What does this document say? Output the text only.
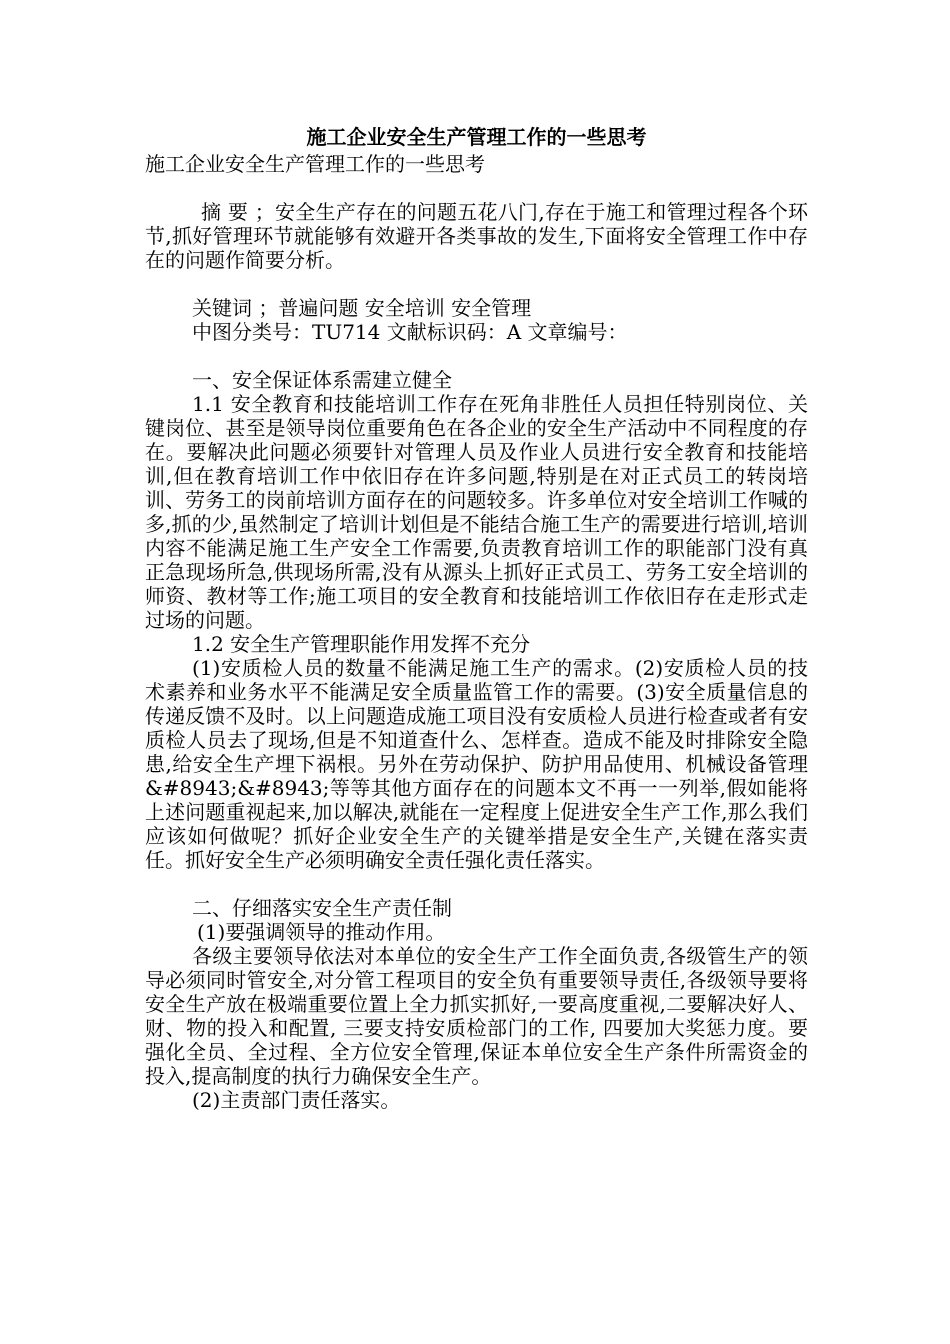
施工企业安全生产管理工作的一些思考

施工企业安全生产管理工作的一些思考

摘 要 ；安全生产存在的问题五花八门,存在于施工和管理过程各个环节,抓好管理环节就能够有效避开各类事故的发生,下面将安全管理工作中存在的问题作简要分析。

关键词 ；普遍问题 安全培训 安全管理

中图分类号：TU714 文献标识码：A 文章编号：

一、安全保证体系需建立健全

1.1 安全教育和技能培训工作存在死角非胜任人员担任特别岗位、关键岗位、甚至是领导岗位重要角色在各企业的安全生产活动中不同程度的存在。要解决此问题必须要针对管理人员及作业人员进行安全教育和技能培训,但在教育培训工作中依旧存在许多问题,特别是在对正式员工的转岗培训、劳务工的岗前培训方面存在的问题较多。许多单位对安全培训工作喊的多,抓的少,虽然制定了培训计划但是不能结合施工生产的需要进行培训,培训内容不能满足施工生产安全工作需要,负责教育培训工作的职能部门没有真正急现场所急,供现场所需,没有从源头上抓好正式员工、劳务工安全培训的师资、教材等工作;施工项目的安全教育和技能培训工作依旧存在走形式走过场的问题。

1.2 安全生产管理职能作用发挥不充分

(1)安质检人员的数量不能满足施工生产的需求。(2)安质检人员的技术素养和业务水平不能满足安全质量监管工作的需要。(3)安全质量信息的传递反馈不及时。以上问题造成施工项目没有安质检人员进行检查或者有安质检人员去了现场,但是不知道查什么、怎样查。造成不能及时排除安全隐患,给安全生产埋下祸根。另外在劳动保护、防护用品使用、机械设备管理&#8943;&#8943;等等其他方面存在的问题本文不再一一列举,假如能将上述问题重视起来,加以解决,就能在一定程度上促进安全生产工作,那么我们应该如何做呢？抓好企业安全生产的关键举措是安全生产,关键在落实责任。抓好安全生产必须明确安全责任强化责任落实。

二、仔细落实安全生产责任制

(1)要强调领导的推动作用。

各级主要领导依法对本单位的安全生产工作全面负责,各级管生产的领导必须同时管安全,对分管工程项目的安全负有重要领导责任,各级领导要将安全生产放在极端重要位置上全力抓实抓好,一要高度重视,二要解决好人、财、物的投入和配置, 三要支持安质检部门的工作, 四要加大奖惩力度。要强化全员、全过程、全方位安全管理,保证本单位安全生产条件所需资金的投入,提高制度的执行力确保安全生产。

(2)主责部门责任落实。
